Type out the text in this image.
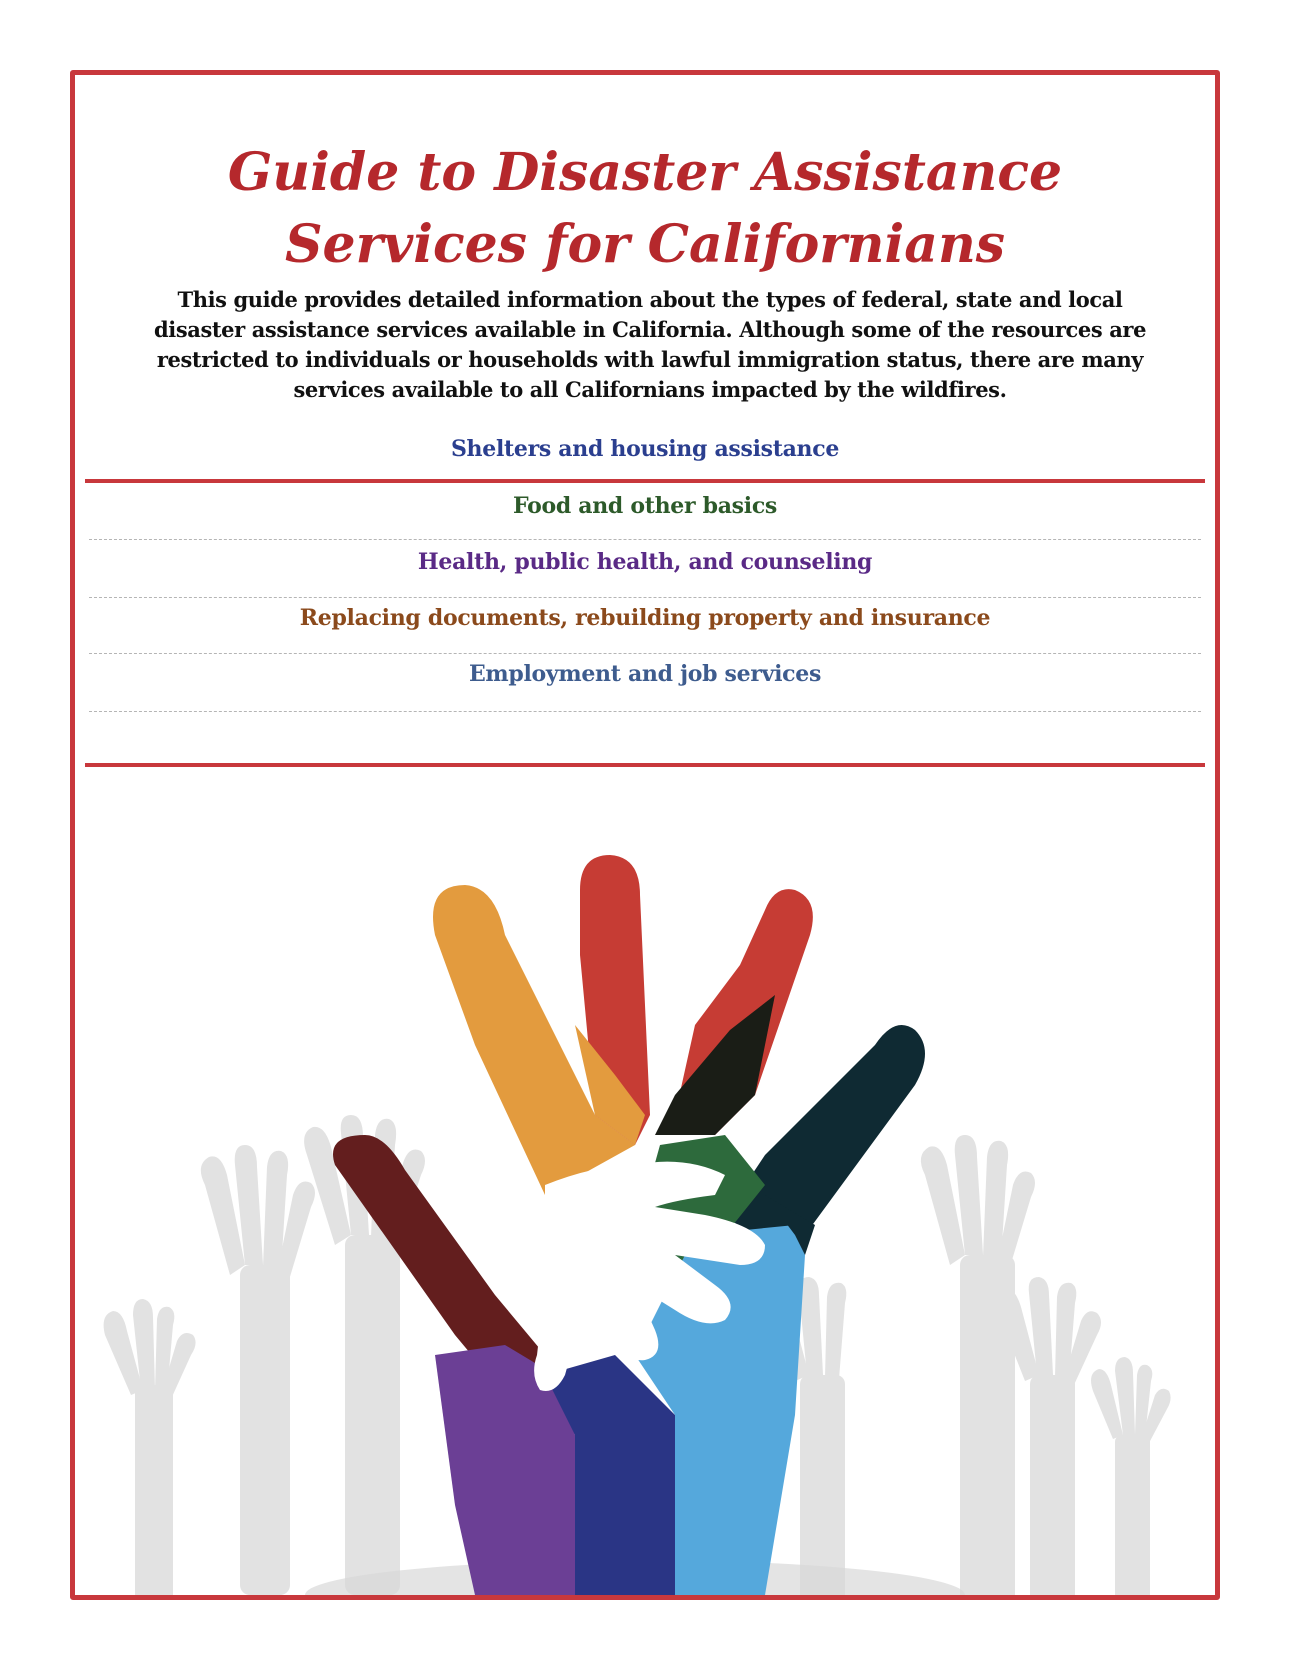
Guide to Disaster Assistance
Services for Californians

This guide provides detailed information about the types of federal, state and local disaster assistance services available in California. Although some of the resources are restricted to individuals or households with lawful immigration status, there are many services available to all Californians impacted by the wildfires.

Shelters and housing assistance
Food and other basics
Health, public health, and counseling
Replacing documents, rebuilding property and insurance
Employment and job services
